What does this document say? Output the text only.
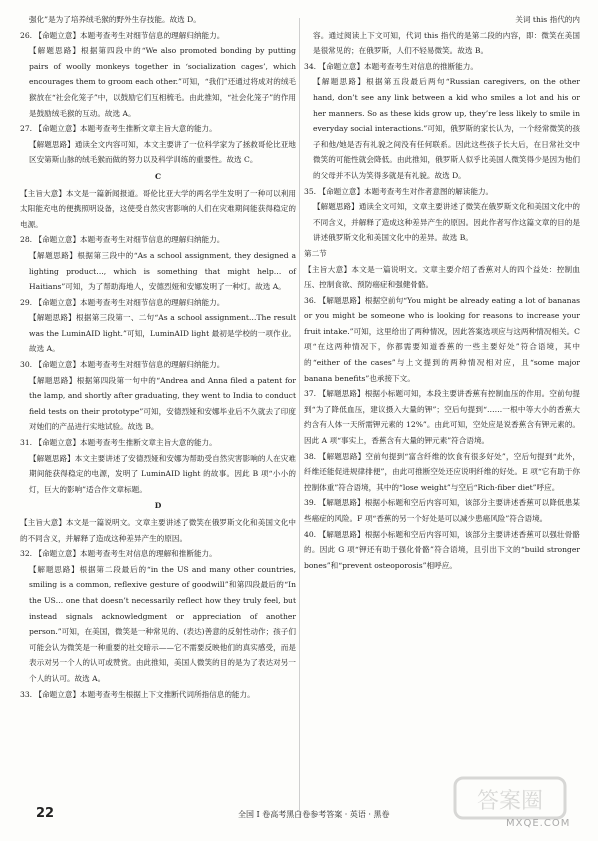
强化”是为了培养绒毛猴的野外生存技能。故选 D。
26. 【命题立意】本题考查考生对细节信息的理解归纳能力。
【解题思路】根据第四段中的“We also promoted bonding by putting pairs of woolly monkeys together in ‘socialization cages’, which encourages them to groom each other.”可知，“我们”还通过将成对的绒毛猴放在“社会化笼子”中，以鼓励它们互相梳毛。由此推知，“社会化笼子”的作用是鼓励绒毛猴的互动。故选 A。
27. 【命题立意】本题考查考生推断文章主旨大意的能力。
【解题思路】通读全文内容可知，本文主要讲了一位科学家为了拯救哥伦比亚地区安第斯山脉的绒毛猴而做的努力以及科学训练的重要性。故选 C。
C
【主旨大意】本文是一篇新闻报道。哥伦比亚大学的两名学生发明了一种可以利用太阳能充电的便携照明设备，这使受自然灾害影响的人们在灾难期间能获得稳定的电源。
28. 【命题立意】本题考查考生对细节信息的理解归纳能力。
【解题思路】根据第三段中的“As a school assignment, they designed a lighting product…, which is something that might help… of Haitians”可知，为了帮助海地人，安德烈娅和安娜发明了一种灯。故选 A。
29. 【命题立意】本题考查考生对细节信息的理解归纳能力。
【解题思路】根据第三段第一、二句“As a school assignment…The result was the LuminAID light.”可知，LuminAID light 最初是学校的一项作业。故选 A。
30. 【命题立意】本题考查考生对细节信息的理解归纳能力。
【解题思路】根据第四段第一句中的“Andrea and Anna filed a patent for the lamp, and shortly after graduating, they went to India to conduct field tests on their prototype”可知，安德烈娅和安娜毕业后不久就去了印度对她们的产品进行实地试验。故选 B。
31. 【命题立意】本题考查考生推断文章主旨大意的能力。
【解题思路】本文主要讲述了安德烈娅和安娜为帮助受自然灾害影响的人在灾难期间能获得稳定的电源，发明了 LuminAID light 的故事。因此 B 项“小小的灯，巨大的影响”适合作文章标题。
D
【主旨大意】本文是一篇说明文。文章主要讲述了微笑在俄罗斯文化和美国文化中的不同含义，并解释了造成这种差异产生的原因。
32. 【命题立意】本题考查考生对信息的理解和推断能力。
【解题思路】根据第二段最后的“in the US and many other countries, smiling is a common, reflexive gesture of goodwill”和第四段最后的“In the US… one that doesn’t necessarily reflect how they truly feel, but instead signals acknowledgment or appreciation of another person.”可知，在美国，微笑是一种常见的、(表达)善意的反射性动作；孩子们可能会认为微笑是一种重要的社交暗示——它不需要反映他们的真实感受，而是表示对另一个人的认可或赞赏。由此推知，美国人微笑的目的是为了表达对另一个人的认可。故选 A。
33. 【命题立意】本题考查考生根据上下文推断代词所指信息的能力。
关词 this 指代的内
容。通过阅读上下文可知，代词 this 指代的是第二段的内容，即：微笑在美国是很常见的；在俄罗斯，人们不轻易微笑。故选 B。
34. 【命题立意】本题考查考生对信息的推断能力。
【解题思路】根据第五段最后两句“Russian caregivers, on the other hand, don’t see any link between a kid who smiles a lot and his or her manners. So as these kids grow up, they’re less likely to smile in everyday social interactions.”可知，俄罗斯的家长认为，一个经常微笑的孩子和他/她是否有礼貌之间没有任何联系。因此这些孩子长大后，在日常社交中微笑的可能性就会降低。由此推知，俄罗斯人似乎比美国人微笑得少是因为他们的父母并不认为笑得多就是有礼貌。故选 D。
35. 【命题立意】本题考查考生对作者意图的解读能力。
【解题思路】通读全文可知，文章主要讲述了微笑在俄罗斯文化和美国文化中的不同含义，并解释了造成这种差异产生的原因。因此作者写作这篇文章的目的是讲述俄罗斯文化和美国文化中的差异。故选 B。
第二节
【主旨大意】本文是一篇说明文。文章主要介绍了香蕉对人的四个益处：控制血压、控制食欲、预防癌症和强健骨骼。
36. 【解题思路】根据空前句“You might be already eating a lot of bananas or you might be someone who is looking for reasons to increase your fruit intake.”可知，这里给出了两种情况，因此答案选项应与这两种情况相关。C 项“在这两种情况下，你都需要知道香蕉的一些主要好处”符合语境，其中的“either of the cases”与上文提到的两种情况相对应，且“some major banana benefits”也承接下文。
37. 【解题思路】根据小标题可知，本段主要讲香蕉有控制血压的作用。空前句提到“为了降低血压，建议摄入大量的钾”；空后句提到“……一根中等大小的香蕉大约含有人体一天所需钾元素的 12%”。由此可知，空处应是说香蕉含有钾元素的。因此 A 项“事实上，香蕉含有大量的钾元素”符合语境。
38. 【解题思路】空前句提到“富含纤维的饮食有很多好处”，空后句提到“此外，纤维还能促进规律排便”，由此可推断空处还应说明纤维的好处。E 项“它有助于你控制体重”符合语境，其中的“lose weight”与空后“Rich-fiber diet”呼应。
39. 【解题思路】根据小标题和空后内容可知，该部分主要讲述香蕉可以降低患某些癌症的风险。F 项“香蕉的另一个好处是可以减少患癌风险”符合语境。
40. 【解题思路】根据小标题和空后内容可知，该部分主要讲述香蕉可以强壮骨骼的。因此 G 项“钾还有助于强化骨骼”符合语境，且引出下文的“build stronger bones”和“prevent osteoporosis”相呼应。
22	全国 Ⅰ 卷高考黑白卷参考答案 · 英语 · 黑卷
答案圈
MXQE.COM
